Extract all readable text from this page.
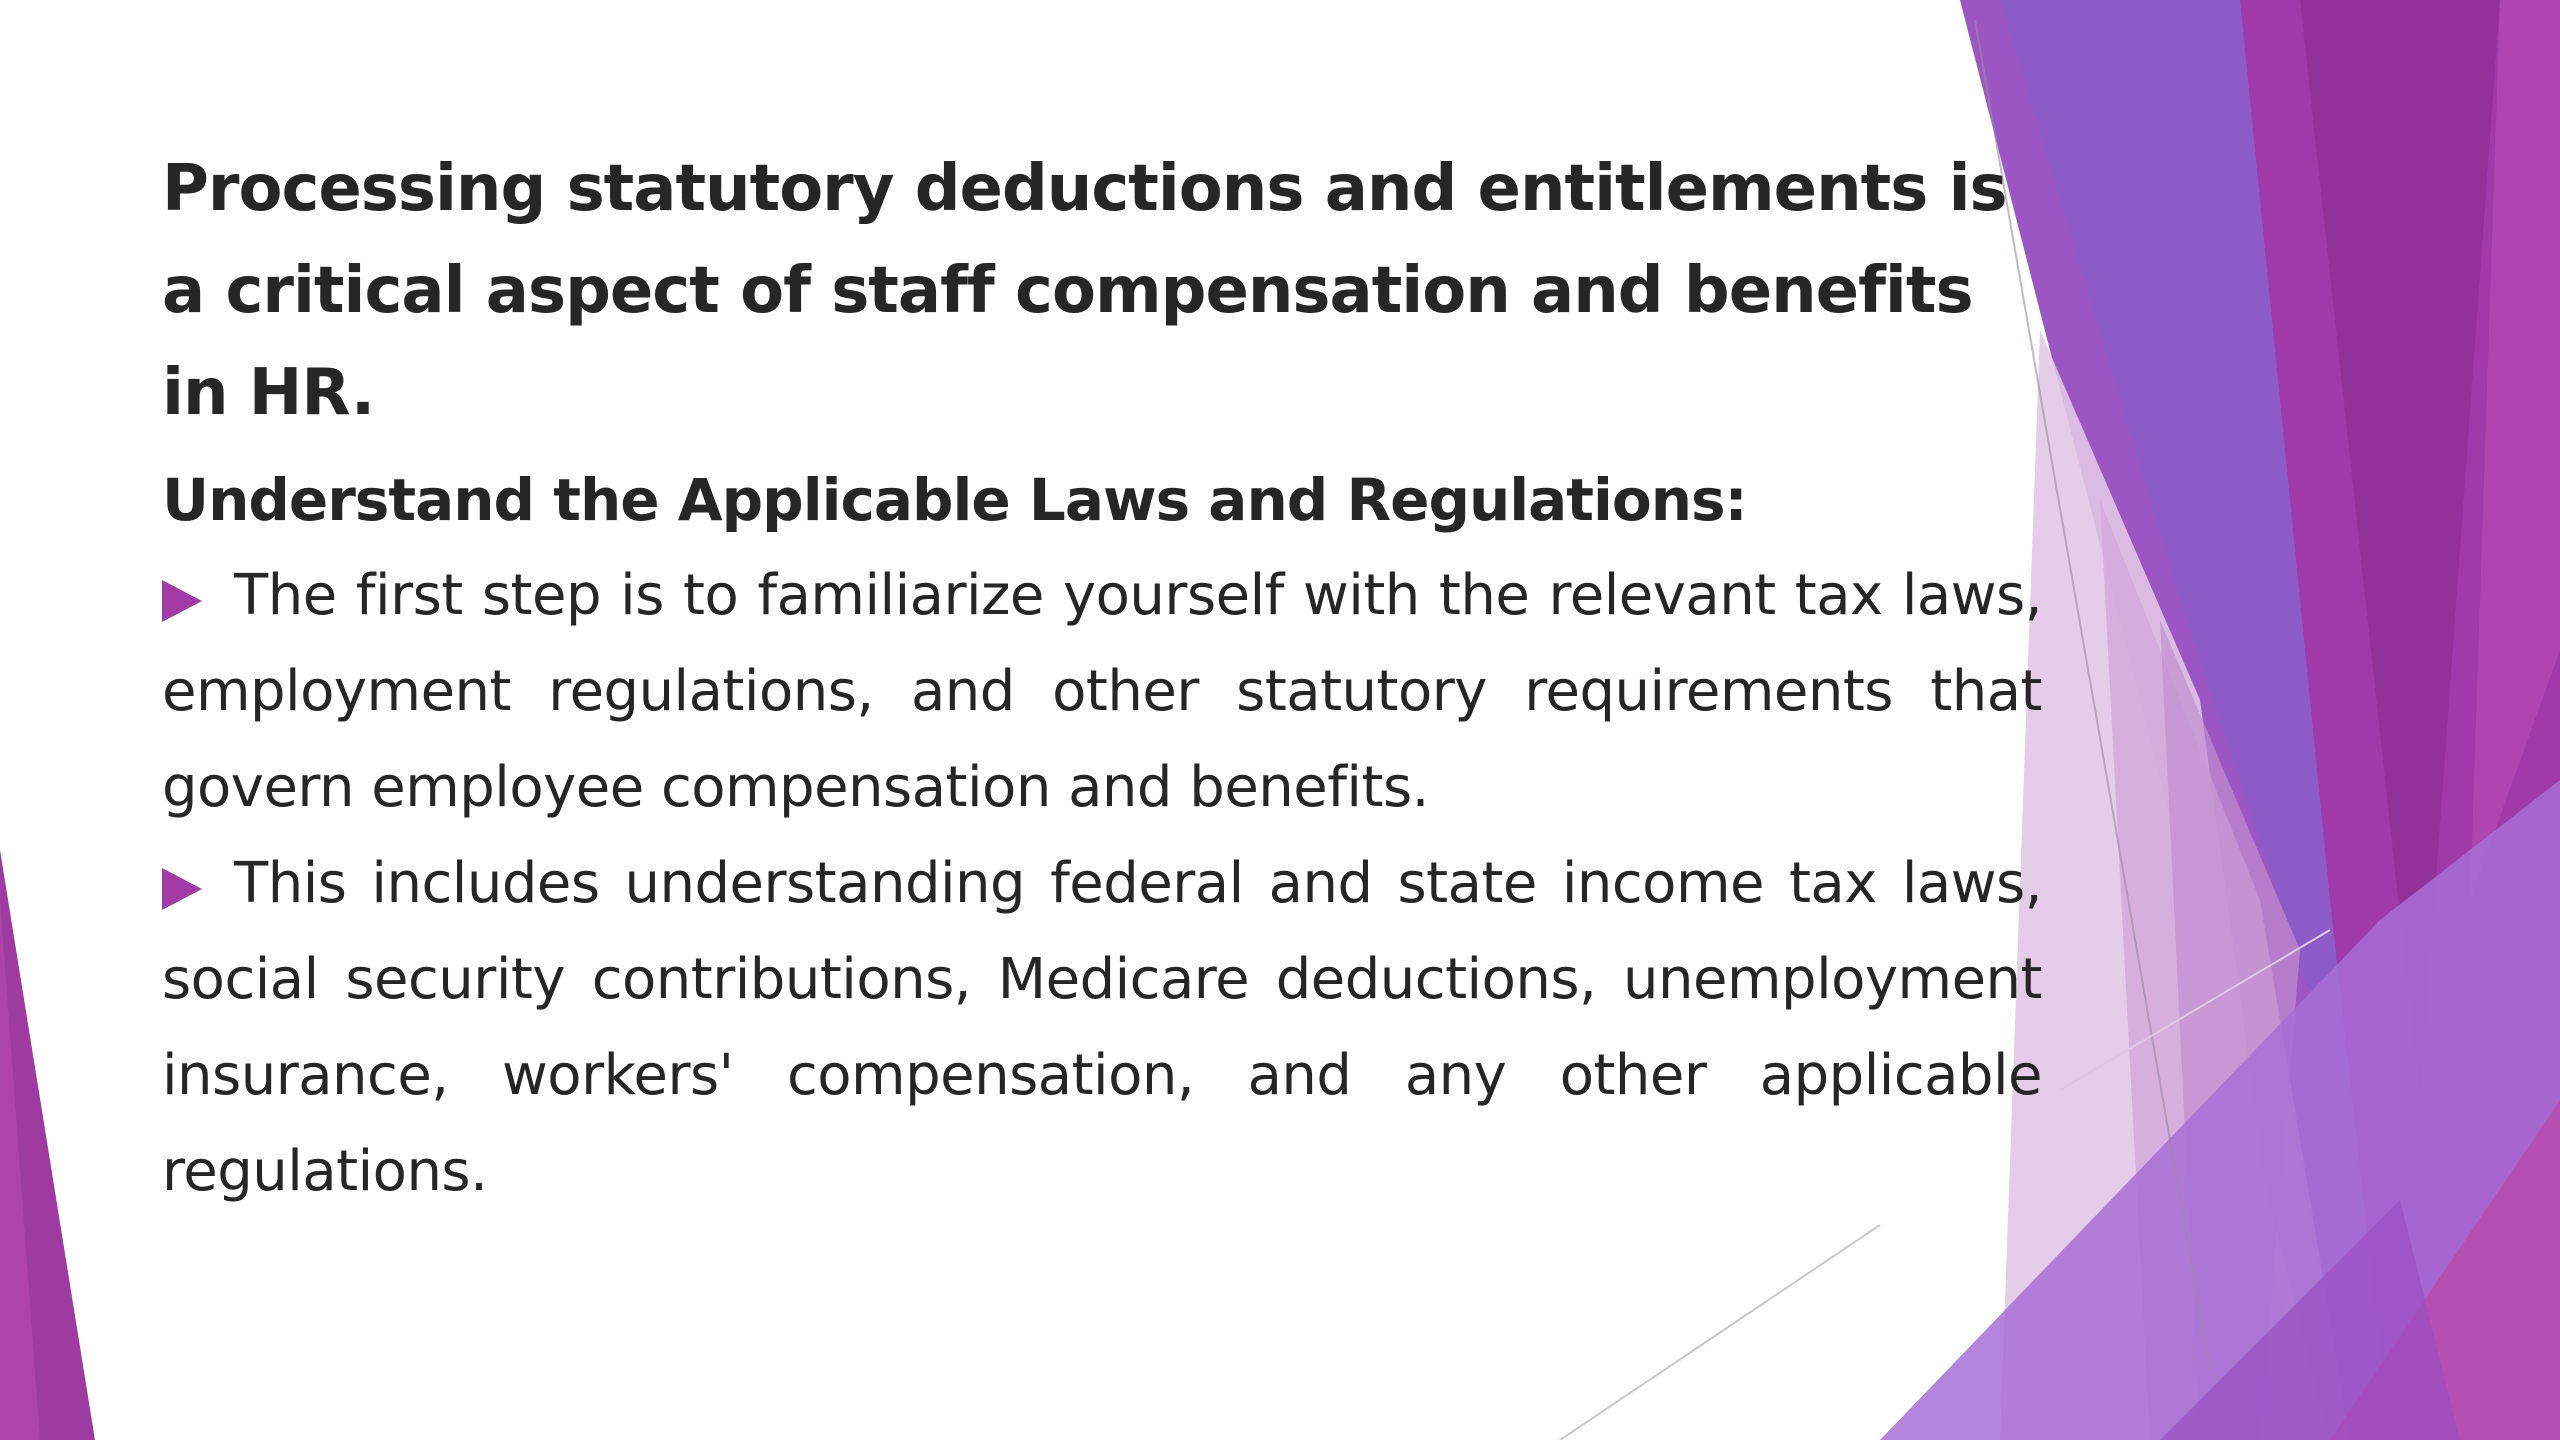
Processing statutory deductions and entitlements is a critical aspect of staff compensation and benefits in HR.
Understand the Applicable Laws and Regulations:
The first step is to familiarize yourself with the relevant tax laws, employment regulations, and other statutory requirements that govern employee compensation and benefits.
This includes understanding federal and state income tax laws, social security contributions, Medicare deductions, unemployment insurance, workers' compensation, and any other applicable regulations.
